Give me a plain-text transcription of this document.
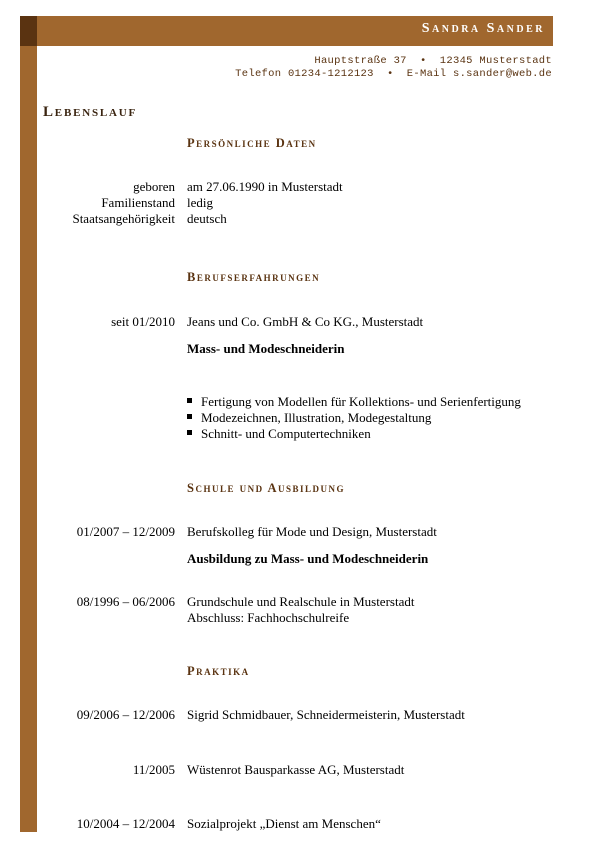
Sandra Sander
Hauptstraße 37  •  12345 Musterstadt
Telefon 01234-1212123  •  E-Mail s.sander@web.de
Lebenslauf
Persönliche Daten
geboren am 27.06.1990 in Musterstadt
Familienstand ledig
Staatsangehörigkeit deutsch
Berufserfahrungen
seit 01/2010 Jeans und Co. GmbH & Co KG., Musterstadt
Mass- und Modeschneiderin
Fertigung von Modellen für Kollektions- und Serienfertigung
Modezeichnen, Illustration, Modegestaltung
Schnitt- und Computertechniken
Schule und Ausbildung
01/2007 – 12/2009 Berufskolleg für Mode und Design, Musterstadt
Ausbildung zu Mass- und Modeschneiderin
08/1996 – 06/2006 Grundschule und Realschule in Musterstadt
Abschluss: Fachhochschulreife
Praktika
09/2006 – 12/2006 Sigrid Schmidbauer, Schneidermeisterin, Musterstadt
11/2005 Wüstenrot Bausparkasse AG, Musterstadt
10/2004 – 12/2004 Sozialprojekt „Dienst am Menschen“
